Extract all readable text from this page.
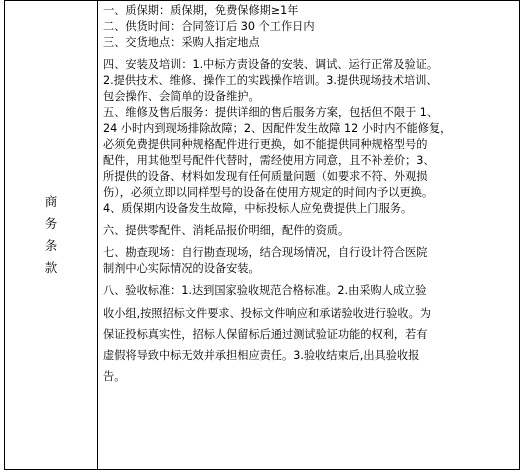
商务条款	
一、质保期：质保期，免费保修期≥1年
二、供货时间：合同签订后 30 个工作日内
三、交货地点：采购人指定地点
四、安装及培训：1.中标方责设备的安装、调试、运行正常及验证。
2.提供技术、维修、操作工的实践操作培训。3.提供现场技术培训、
包会操作、会简单的设备维护。
五、维修及售后服务：提供详细的售后服务方案，包括但不限于 1、
24 小时内到现场排除故障；2、因配件发生故障 12 小时内不能修复，
必须免费提供同种规格配件进行更换，如不能提供同种规格型号的
配件，用其他型号配件代替时，需经使用方同意，且不补差价；3、
所提供的设备、材料如发现有任何质量问题（如要求不符、外观损
伤），必须立即以同样型号的设备在使用方规定的时间内予以更换。
4、质保期内设备发生故障，中标投标人应免费提供上门服务。
六、提供零配件、消耗品报价明细，配件的资质。
七、勘查现场：自行勘查现场，结合现场情况，自行设计符合医院
制剂中心实际情况的设备安装。
八、验收标准：1.达到国家验收规范合格标准。2.由采购人成立验
收小组,按照招标文件要求、投标文件响应和承诺验收进行验收。为
保证投标真实性，招标人保留标后通过测试验证功能的权利，若有
虚假将导致中标无效并承担相应责任。3.验收结束后,出具验收报
告。
